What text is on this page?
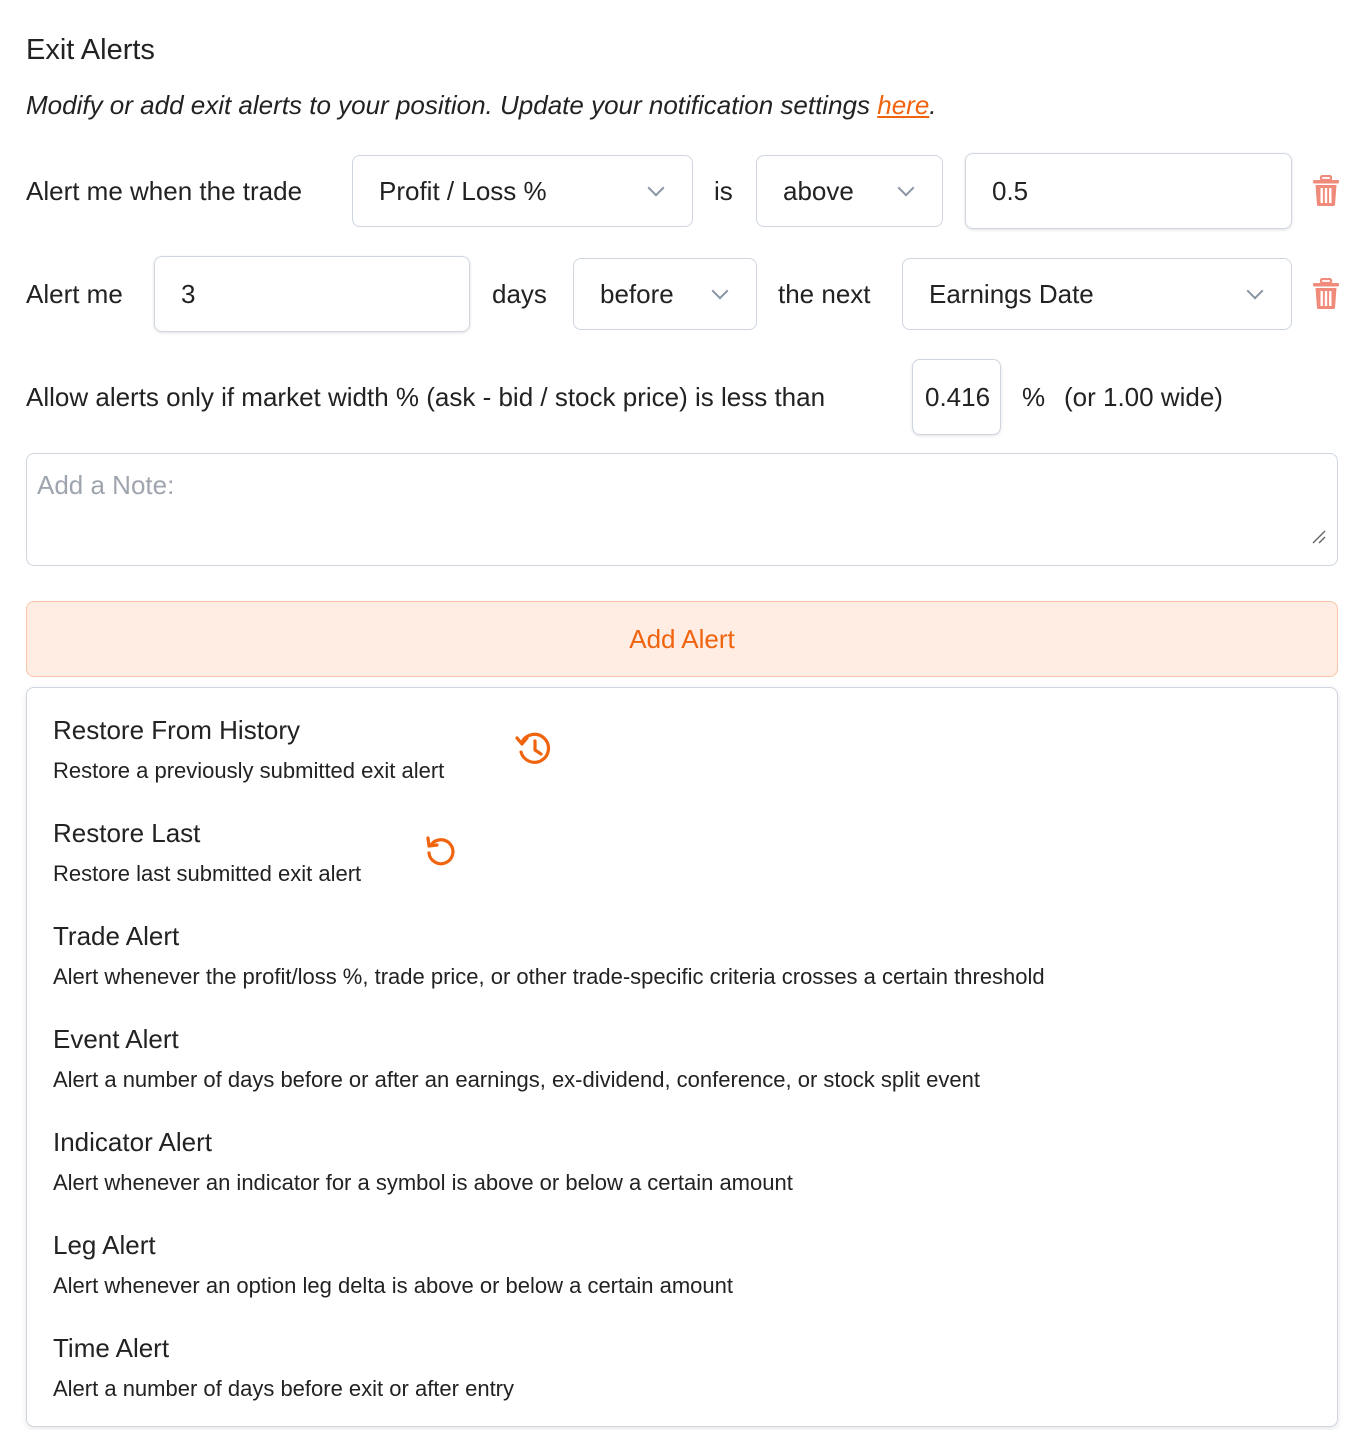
Exit Alerts
Modify or add exit alerts to your position. Update your notification settings here.
Alert me when the trade	Profit / Loss %	is above	0.5
Alert me 3	days before	the next Earnings Date
Allow alerts only if market width % (ask - bid / stock price) is less than	0.416 % (or 1.00 wide)
Add a Note:
Add Alert
Restore From History
Restore a previously submitted exit alert
Restore Last
Restore last submitted exit alert
Trade Alert
Alert whenever the profit/loss %, trade price, or other trade-specific criteria crosses a certain threshold
Event Alert
Alert a number of days before or after an earnings, ex-dividend, conference, or stock split event
Indicator Alert
Alert whenever an indicator for a symbol is above or below a certain amount
Leg Alert
Alert whenever an option leg delta is above or below a certain amount
Time Alert
Alert a number of days before exit or after entry
